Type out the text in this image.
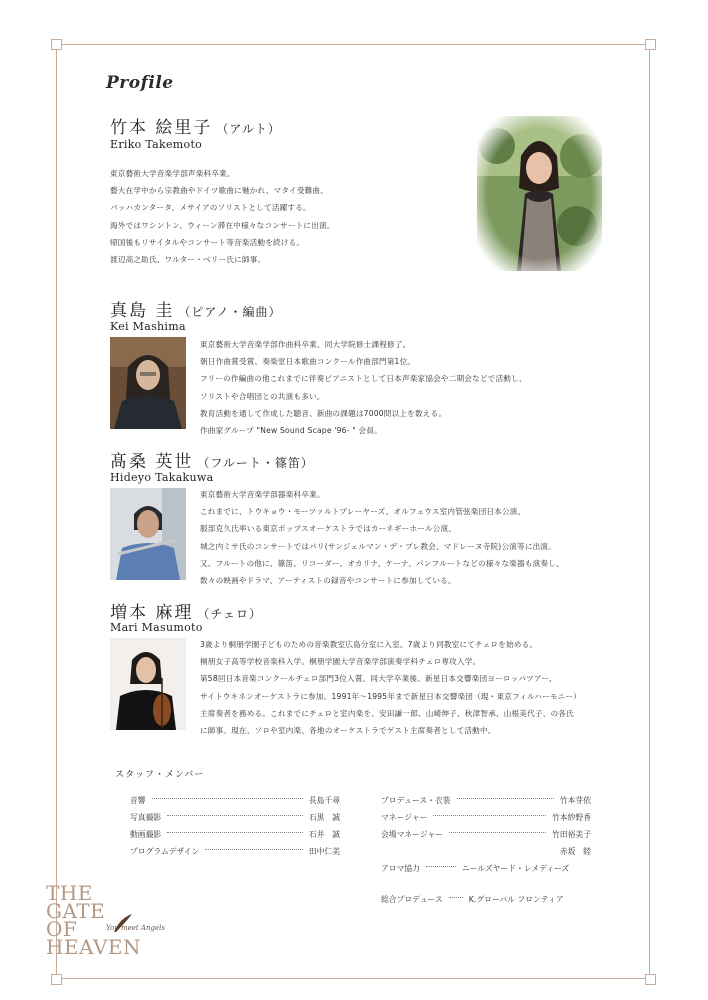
Profile
竹本 絵里子 （アルト）
Eriko Takemoto
東京藝術大学音楽学部声楽科卒業。
藝大在学中から宗教曲やドイツ歌曲に魅かれ、マタイ受難曲、
バッハカンタータ、メサイアのソリストとして活躍する。
海外ではワシントン、ウィーン滞在中様々なコンサートに出演。
帰国後もリサイタルやコンサート等音楽活動を続ける。
渡辺高之助氏、ワルター・ベリー氏に師事。
真島 圭 （ピアノ・編曲）
Kei Mashima
東京藝術大学音楽学部作曲科卒業、同大学院修士課程修了。
朝日作曲賞受賞、奏楽堂日本歌曲コンクール作曲部門第1位。
フリーの作編曲の他これまでに伴奏ピアニストとして日本声楽家協会や二期会などで活動し、
ソリストや合唱団との共演も多い。
教育活動を通して作成した聴音、新曲の課題は7000問以上を数える。
作曲家グループ "New Sound Scape '96- " 会員。
髙桑 英世 （フルート・篠笛）
Hideyo Takakuwa
東京藝術大学音楽学部器楽科卒業。
これまでに、トウキョウ・モーツァルトプレーヤーズ、オルフェウス室内管弦楽団日本公演、
服部克久氏率いる東京ポップスオーケストラではカーネギーホール公演、
城之内ミサ氏のコンサートではパリ(サンジェルマン・デ・プレ教会、マドレーヌ寺院)公演等に出演。
又、フルートの他に、篠笛、リコーダー、オカリナ、ケーナ、パンフルートなどの様々な楽器も演奏し、
数々の映画やドラマ、アーティストの録音やコンサートに参加している。
増本 麻理 （チェロ）
Mari Masumoto
3歳より桐朋学園子どものための音楽教室広島分室に入室。7歳より同教室にてチェロを始める。
桐朋女子高等学校音楽科入学。桐朋学園大学音楽学部演奏学科チェロ専攻入学。
第58回日本音楽コンクールチェロ部門3位入賞。同大学卒業後、新星日本交響楽団ヨーロッパツアー、
サイトウキネンオーケストラに参加。1991年〜1995年まで新星日本交響楽団（現・東京フィルハーモニー）
主席奏者を務める。これまでにチェロと室内楽を、安田謙一郎、山崎伸子、秋津智承、山根美代子、の各氏
に師事。現在、ソロや室内楽、各地のオーケストラでゲスト主席奏者として活動中。
スタッフ・メンバー
音響	長島千尋
写真撮影	石黒　誠
動画撮影	石井　誠
プログラムデザイン	田中仁美
プロデュース・衣装	竹本芽依
マネージャー	竹本紗野香
会場マネージャー	竹田裕美子
赤坂　睦
アロマ協力	ニールズヤード・レメディーズ
総合プロデュース	K.グローバル フロンティア
THE
GATE
OF
HEAVEN
You meet Angels
